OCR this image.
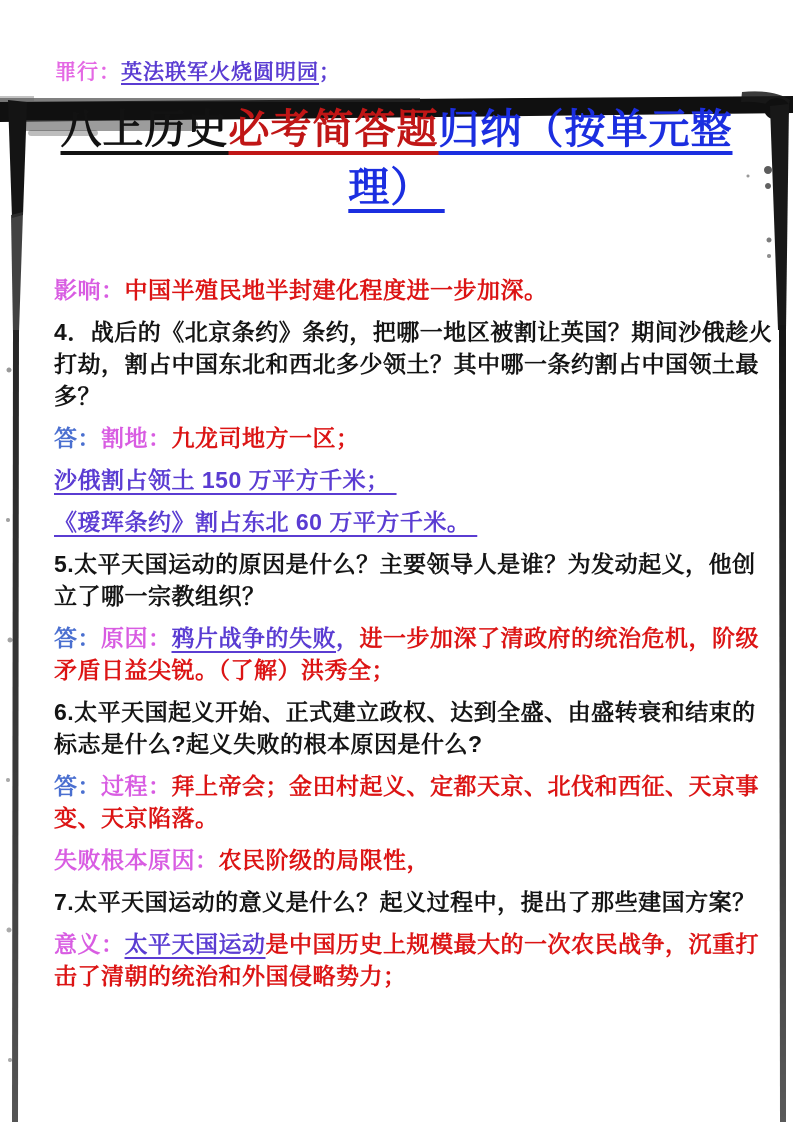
罪行：英法联军火烧圆明园；
八上历史必考简答题归纳（按单元整
理）

影响：中国半殖民地半封建化程度进一步加深。

4．战后的《北京条约》条约，把哪一地区被割让英国？期间沙俄趁火
打劫，割占中国东北和西北多少领土？其中哪一条约割占中国领土最
多？

答：割地：九龙司地方一区；

沙俄割占领土 150 万平方千米；

《瑷珲条约》割占东北 60 万平方千米。

5.太平天国运动的原因是什么？主要领导人是谁？为发动起义，他创
立了哪一宗教组织？

答：原因：鸦片战争的失败，进一步加深了清政府的统治危机，阶级
矛盾日益尖锐。（了解）洪秀全；

6.太平天国起义开始、正式建立政权、达到全盛、由盛转衰和结束的
标志是什么?起义失败的根本原因是什么?

答：过程：拜上帝会；金田村起义、定都天京、北伐和西征、天京事
变、天京陷落。

失败根本原因：农民阶级的局限性，

7.太平天国运动的意义是什么？起义过程中，提出了那些建国方案？

意义：太平天国运动是中国历史上规模最大的一次农民战争，沉重打
击了清朝的统治和外国侵略势力；
